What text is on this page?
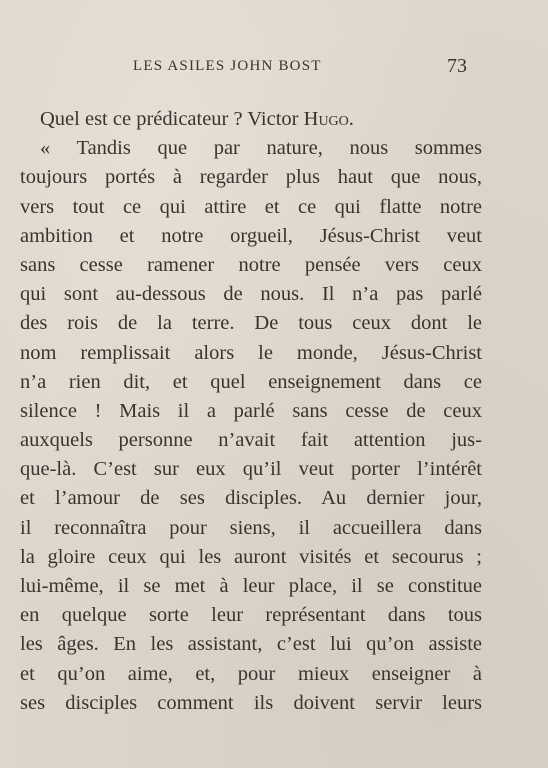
LES ASILES JOHN BOST	73
Quel est ce prédicateur ? Victor Hugo.
« Tandis que par nature, nous sommes
toujours portés à regarder plus haut que nous,
vers tout ce qui attire et ce qui flatte notre
ambition et notre orgueil, Jésus-Christ veut
sans cesse ramener notre pensée vers ceux
qui sont au-dessous de nous. Il n’a pas parlé
des rois de la terre. De tous ceux dont le
nom remplissait alors le monde, Jésus-Christ
n’a rien dit, et quel enseignement dans ce
silence ! Mais il a parlé sans cesse de ceux
auxquels personne n’avait fait attention jus-
que-là. C’est sur eux qu’il veut porter l’intérêt
et l’amour de ses disciples. Au dernier jour,
il reconnaîtra pour siens, il accueillera dans
la gloire ceux qui les auront visités et secourus ;
lui-même, il se met à leur place, il se constitue
en quelque sorte leur représentant dans tous
les âges. En les assistant, c’est lui qu’on assiste
et qu’on aime, et, pour mieux enseigner à
ses disciples comment ils doivent servir leurs
